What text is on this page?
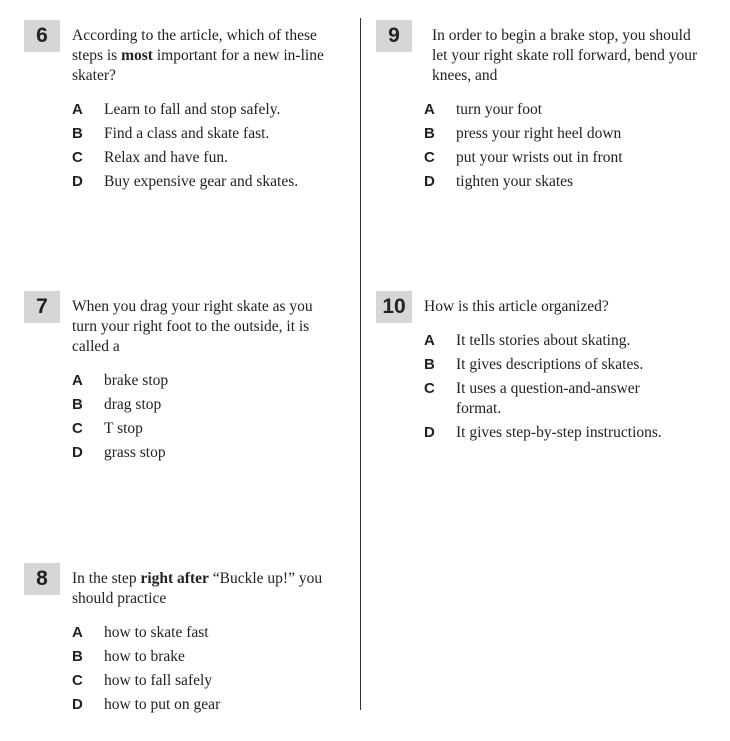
6	According to the article, which of these steps is most important for a new in-line skater?
A Learn to fall and stop safely.
B Find a class and skate fast.
C Relax and have fun.
D Buy expensive gear and skates.
7	When you drag your right skate as you turn your right foot to the outside, it is called a
A brake stop
B drag stop
C T stop
D grass stop
8	In the step right after “Buckle up!” you should practice
A how to skate fast
B how to brake
C how to fall safely
D how to put on gear
9	In order to begin a brake stop, you should let your right skate roll forward, bend your knees, and
A turn your foot
B press your right heel down
C put your wrists out in front
D tighten your skates
10	How is this article organized?
A It tells stories about skating.
B It gives descriptions of skates.
C It uses a question-and-answer format.
D It gives step-by-step instructions.
